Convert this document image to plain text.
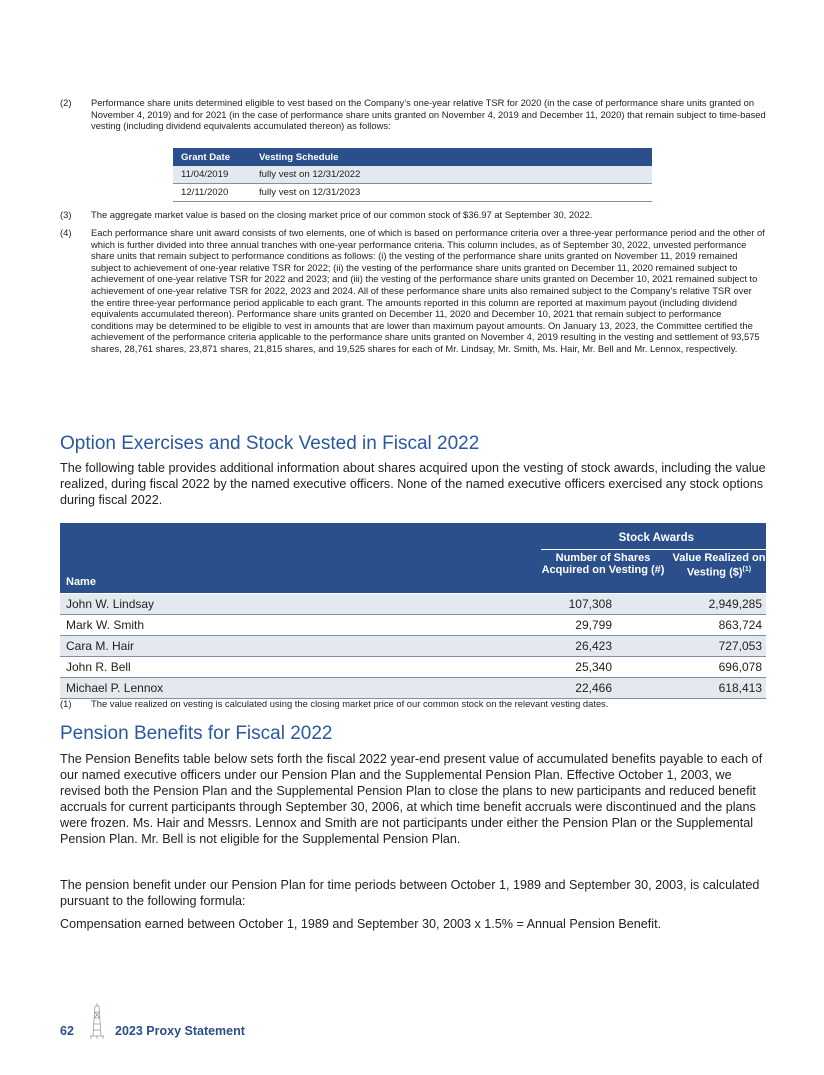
(2) Performance share units determined eligible to vest based on the Company’s one-year relative TSR for 2020 (in the case of performance share units granted on November 4, 2019) and for 2021 (in the case of performance share units granted on November 4, 2019 and December 11, 2020) that remain subject to time-based vesting (including dividend equivalents accumulated thereon) as follows:
Grant Date	Vesting Schedule
11/04/2019	fully vest on 12/31/2022
12/11/2020	fully vest on 12/31/2023
(3) The aggregate market value is based on the closing market price of our common stock of $36.97 at September 30, 2022.
(4) Each performance share unit award consists of two elements, one of which is based on performance criteria over a three-year performance period and the other of which is further divided into three annual tranches with one-year performance criteria. This column includes, as of September 30, 2022, unvested performance share units that remain subject to performance conditions as follows: (i) the vesting of the performance share units granted on November 11, 2019 remained subject to achievement of one-year relative TSR for 2022; (ii) the vesting of the performance share units granted on December 11, 2020 remained subject to achievement of one-year relative TSR for 2022 and 2023; and (iii) the vesting of the performance share units granted on December 10, 2021 remained subject to achievement of one-year relative TSR for 2022, 2023 and 2024. All of these performance share units also remained subject to the Company’s relative TSR over the entire three-year performance period applicable to each grant. The amounts reported in this column are reported at maximum payout (including dividend equivalents accumulated thereon). Performance share units granted on December 11, 2020 and December 10, 2021 that remain subject to performance conditions may be determined to be eligible to vest in amounts that are lower than maximum payout amounts. On January 13, 2023, the Committee certified the achievement of the performance criteria applicable to the performance share units granted on November 4, 2019 resulting in the vesting and settlement of 93,575 shares, 28,761 shares, 23,871 shares, 21,815 shares, and 19,525 shares for each of Mr. Lindsay, Mr. Smith, Ms. Hair, Mr. Bell and Mr. Lennox, respectively.
Option Exercises and Stock Vested in Fiscal 2022
The following table provides additional information about shares acquired upon the vesting of stock awards, including the value realized, during fiscal 2022 by the named executive officers. None of the named executive officers exercised any stock options during fiscal 2022.
Stock Awards
Number of Shares Acquired on Vesting (#)
Value Realized on Vesting ($)$^{(1)}$
Name
John W. Lindsay	107,308	2,949,285
Mark W. Smith	29,799	863,724
Cara M. Hair	26,423	727,053
John R. Bell	25,340	696,078
Michael P. Lennox	22,466	618,413
(1) The value realized on vesting is calculated using the closing market price of our common stock on the relevant vesting dates.
Pension Benefits for Fiscal 2022
The Pension Benefits table below sets forth the fiscal 2022 year-end present value of accumulated benefits payable to each of our named executive officers under our Pension Plan and the Supplemental Pension Plan. Effective October 1, 2003, we revised both the Pension Plan and the Supplemental Pension Plan to close the plans to new participants and reduced benefit accruals for current participants through September 30, 2006, at which time benefit accruals were discontinued and the plans were frozen. Ms. Hair and Messrs. Lennox and Smith are not participants under either the Pension Plan or the Supplemental Pension Plan. Mr. Bell is not eligible for the Supplemental Pension Plan.
The pension benefit under our Pension Plan for time periods between October 1, 1989 and September 30, 2003, is calculated pursuant to the following formula:
Compensation earned between October 1, 1989 and September 30, 2003 x 1.5% = Annual Pension Benefit.
62	2023 Proxy Statement
